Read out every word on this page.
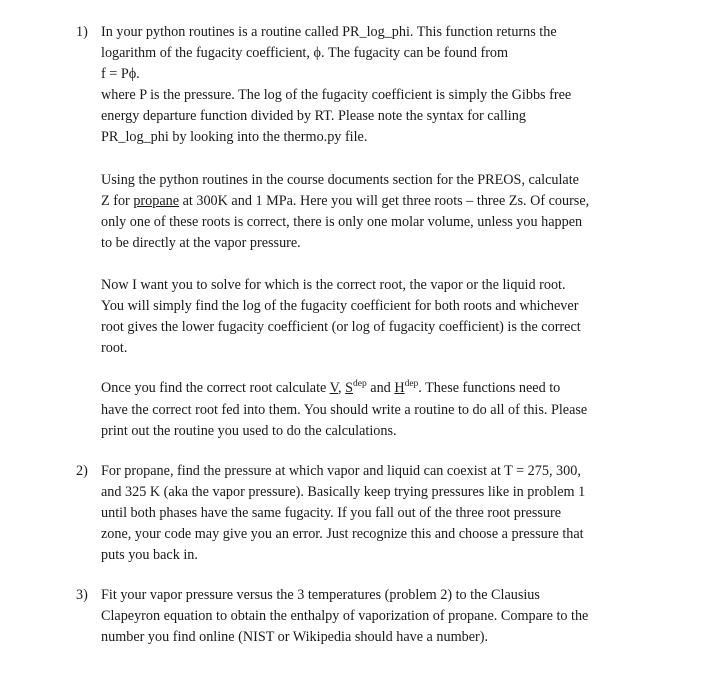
1) In your python routines is a routine called PR_log_phi. This function returns the
logarithm of the fugacity coefficient, ϕ. The fugacity can be found from
f = Pϕ.
where P is the pressure. The log of the fugacity coefficient is simply the Gibbs free
energy departure function divided by RT. Please note the syntax for calling
PR_log_phi by looking into the thermo.py file.
Using the python routines in the course documents section for the PREOS, calculate
Z for propane at 300K and 1 MPa. Here you will get three roots – three Zs. Of course,
only one of these roots is correct, there is only one molar volume, unless you happen
to be directly at the vapor pressure.
Now I want you to solve for which is the correct root, the vapor or the liquid root.
You will simply find the log of the fugacity coefficient for both roots and whichever
root gives the lower fugacity coefficient (or log of fugacity coefficient) is the correct
root.
Once you find the correct root calculate V, $S^{dep}$ and $H^{dep}$. These functions need to
have the correct root fed into them. You should write a routine to do all of this. Please
print out the routine you used to do the calculations.
2) For propane, find the pressure at which vapor and liquid can coexist at T = 275, 300,
and 325 K (aka the vapor pressure). Basically keep trying pressures like in problem 1
until both phases have the same fugacity. If you fall out of the three root pressure
zone, your code may give you an error. Just recognize this and choose a pressure that
puts you back in.
3) Fit your vapor pressure versus the 3 temperatures (problem 2) to the Clausius
Clapeyron equation to obtain the enthalpy of vaporization of propane. Compare to the
number you find online (NIST or Wikipedia should have a number).
